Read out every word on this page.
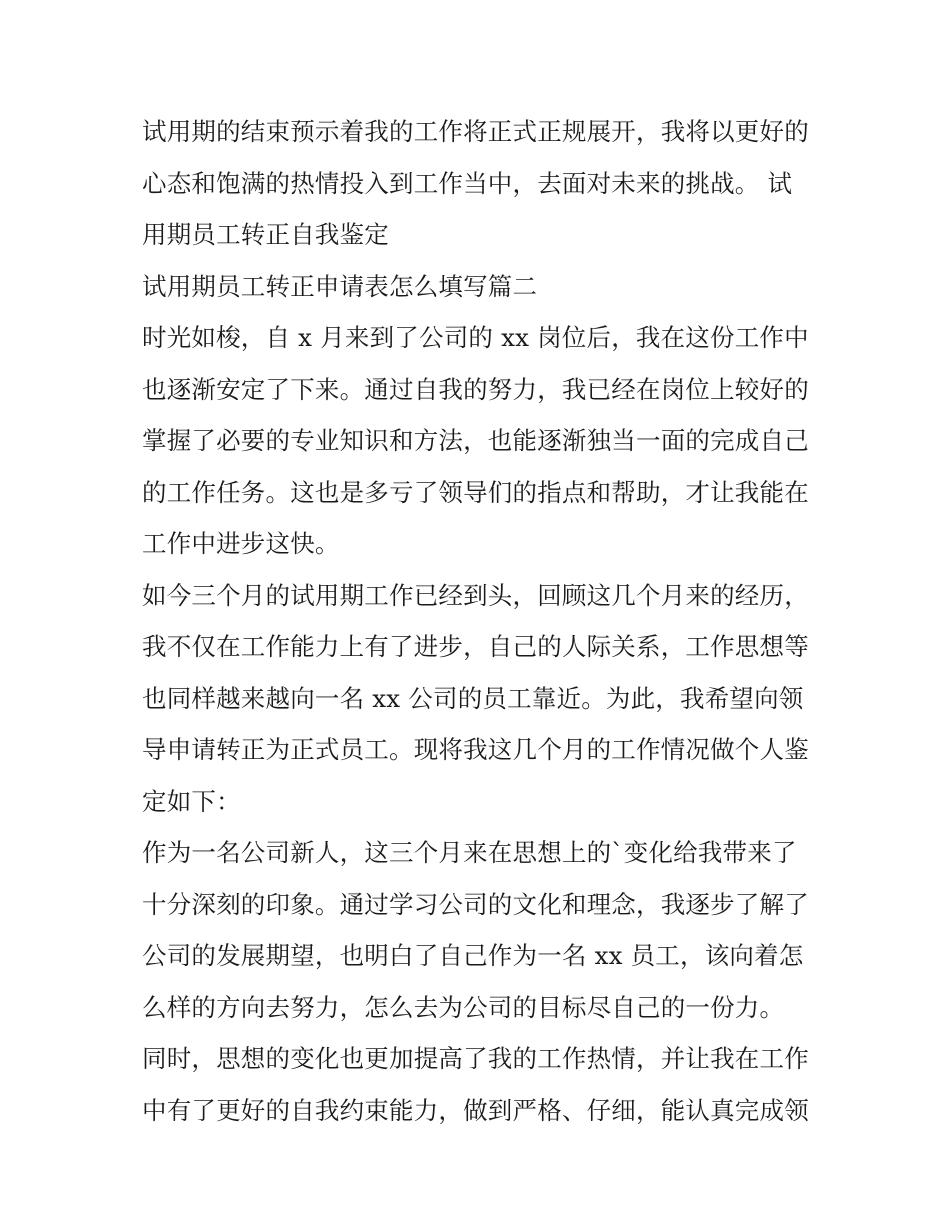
试用期的结束预示着我的工作将正式正规展开，我将以更好的
心态和饱满的热情投入到工作当中，去面对未来的挑战。 试
用期员工转正自我鉴定
试用期员工转正申请表怎么填写篇二
时光如梭，自 x 月来到了公司的 xx 岗位后，我在这份工作中
也逐渐安定了下来。通过自我的努力，我已经在岗位上较好的
掌握了必要的专业知识和方法，也能逐渐独当一面的完成自己
的工作任务。这也是多亏了领导们的指点和帮助，才让我能在
工作中进步这快。
如今三个月的试用期工作已经到头，回顾这几个月来的经历，
我不仅在工作能力上有了进步，自己的人际关系，工作思想等
也同样越来越向一名 xx 公司的员工靠近。为此，我希望向领
导申请转正为正式员工。现将我这几个月的工作情况做个人鉴
定如下：
作为一名公司新人，这三个月来在思想上的`变化给我带来了
十分深刻的印象。通过学习公司的文化和理念，我逐步了解了
公司的发展期望，也明白了自己作为一名 xx 员工，该向着怎
么样的方向去努力，怎么去为公司的目标尽自己的一份力。
同时，思想的变化也更加提高了我的工作热情，并让我在工作
中有了更好的自我约束能力，做到严格、仔细，能认真完成领
